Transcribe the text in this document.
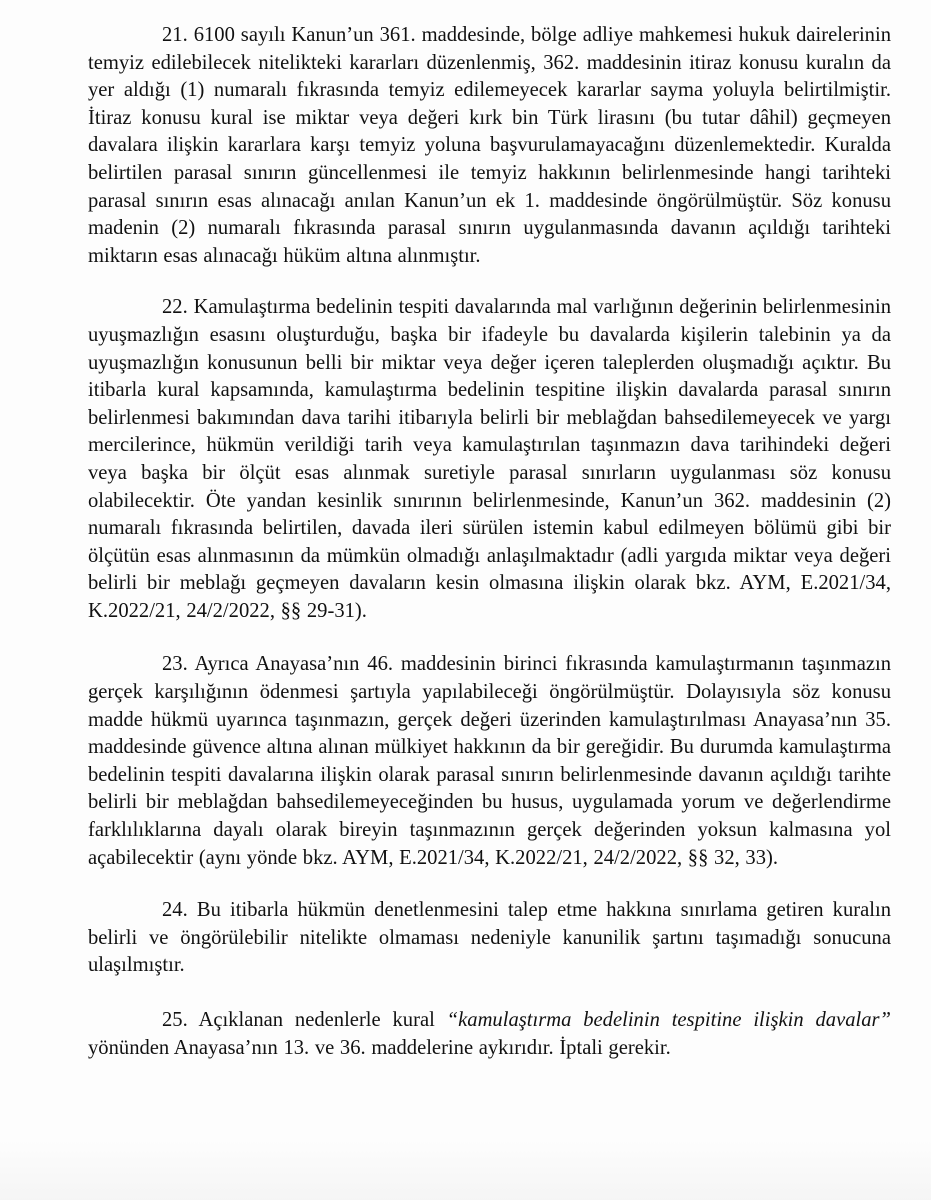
21. 6100 sayılı Kanun’un 361. maddesinde, bölge adliye mahkemesi hukuk dairelerinin temyiz edilebilecek nitelikteki kararları düzenlenmiş, 362. maddesinin itiraz konusu kuralın da yer aldığı (1) numaralı fıkrasında temyiz edilemeyecek kararlar sayma yoluyla belirtilmiştir. İtiraz konusu kural ise miktar veya değeri kırk bin Türk lirasını (bu tutar dâhil) geçmeyen davalara ilişkin kararlara karşı temyiz yoluna başvurulamayacağını düzenlemektedir. Kuralda belirtilen parasal sınırın güncellenmesi ile temyiz hakkının belirlenmesinde hangi tarihteki parasal sınırın esas alınacağı anılan Kanun’un ek 1. maddesinde öngörülmüştür. Söz konusu madenin (2) numaralı fıkrasında parasal sınırın uygulanmasında davanın açıldığı tarihteki miktarın esas alınacağı hüküm altına alınmıştır.

22. Kamulaştırma bedelinin tespiti davalarında mal varlığının değerinin belirlenmesinin uyuşmazlığın esasını oluşturduğu, başka bir ifadeyle bu davalarda kişilerin talebinin ya da uyuşmazlığın konusunun belli bir miktar veya değer içeren taleplerden oluşmadığı açıktır. Bu itibarla kural kapsamında, kamulaştırma bedelinin tespitine ilişkin davalarda parasal sınırın belirlenmesi bakımından dava tarihi itibarıyla belirli bir meblağdan bahsedilemeyecek ve yargı mercilerince, hükmün verildiği tarih veya kamulaştırılan taşınmazın dava tarihindeki değeri veya başka bir ölçüt esas alınmak suretiyle parasal sınırların uygulanması söz konusu olabilecektir. Öte yandan kesinlik sınırının belirlenmesinde, Kanun’un 362. maddesinin (2) numaralı fıkrasında belirtilen, davada ileri sürülen istemin kabul edilmeyen bölümü gibi bir ölçütün esas alınmasının da mümkün olmadığı anlaşılmaktadır (adli yargıda miktar veya değeri belirli bir meblağı geçmeyen davaların kesin olmasına ilişkin olarak bkz. AYM, E.2021/34, K.2022/21, 24/2/2022, §§ 29-31).

23. Ayrıca Anayasa’nın 46. maddesinin birinci fıkrasında kamulaştırmanın taşınmazın gerçek karşılığının ödenmesi şartıyla yapılabileceği öngörülmüştür. Dolayısıyla söz konusu madde hükmü uyarınca taşınmazın, gerçek değeri üzerinden kamulaştırılması Anayasa’nın 35. maddesinde güvence altına alınan mülkiyet hakkının da bir gereğidir. Bu durumda kamulaştırma bedelinin tespiti davalarına ilişkin olarak parasal sınırın belirlenmesinde davanın açıldığı tarihte belirli bir meblağdan bahsedilemeyeceğinden bu husus, uygulamada yorum ve değerlendirme farklılıklarına dayalı olarak bireyin taşınmazının gerçek değerinden yoksun kalmasına yol açabilecektir (aynı yönde bkz. AYM, E.2021/34, K.2022/21, 24/2/2022, §§ 32, 33).

24. Bu itibarla hükmün denetlenmesini talep etme hakkına sınırlama getiren kuralın belirli ve öngörülebilir nitelikte olmaması nedeniyle kanunilik şartını taşımadığı sonucuna ulaşılmıştır.

25. Açıklanan nedenlerle kural “kamulaştırma bedelinin tespitine ilişkin davalar” yönünden Anayasa’nın 13. ve 36. maddelerine aykırıdır. İptali gerekir.
